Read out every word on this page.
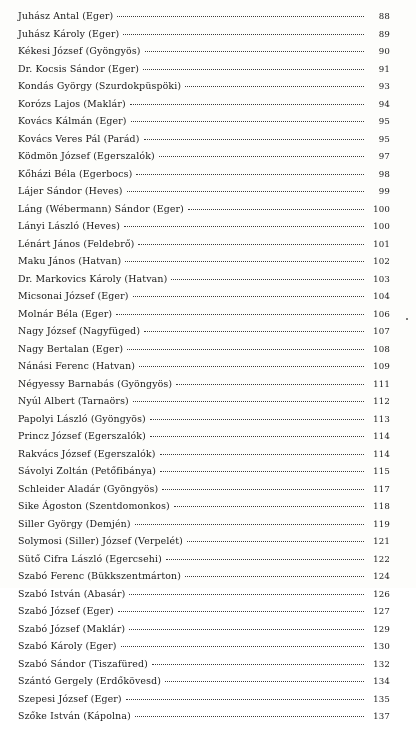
Juhász Antal (Eger)	88
Juhász Károly (Eger)	89
Kékesi József (Gyöngyös)	90
Dr. Kocsis Sándor (Eger)	91
Kondás György (Szurdokpüspöki)	93
Korózs Lajos (Maklár)	94
Kovács Kálmán (Eger)	95
Kovács Veres Pál (Parád)	95
Ködmön József (Egerszalók)	97
Kőházi Béla (Egerbocs)	98
Lájer Sándor (Heves)	99
Láng (Wébermann) Sándor (Eger)	100
Lányi László (Heves)	100
Lénárt János (Feldebrő)	101
Maku János (Hatvan)	102
Dr. Markovics Károly (Hatvan)	103
Micsonai József (Eger)	104
Molnár Béla (Eger)	106
Nagy József (Nagyfüged)	107
Nagy Bertalan (Eger)	108
Nánási Ferenc (Hatvan)	109
Négyessy Barnabás (Gyöngyös)	111
Nyúl Albert (Tarnaörs)	112
Papolyi László (Gyöngyös)	113
Princz József (Egerszalók)	114
Rakvács József (Egerszalók)	114
Sávolyi Zoltán (Petőfibánya)	115
Schleider Aladár (Gyöngyös)	117
Sike Ágoston (Szentdomonkos)	118
Siller György (Demjén)	119
Solymosi (Siller) József (Verpelét)	121
Sütő Cifra László (Egercsehi)	122
Szabó Ferenc (Bükkszentmárton)	124
Szabó István (Abasár)	126
Szabó József (Eger)	127
Szabó József (Maklár)	129
Szabó Károly (Eger)	130
Szabó Sándor (Tiszafüred)	132
Szántó Gergely (Erdőkövesd)	134
Szepesi József (Eger)	135
Szőke István (Kápolna)	137
